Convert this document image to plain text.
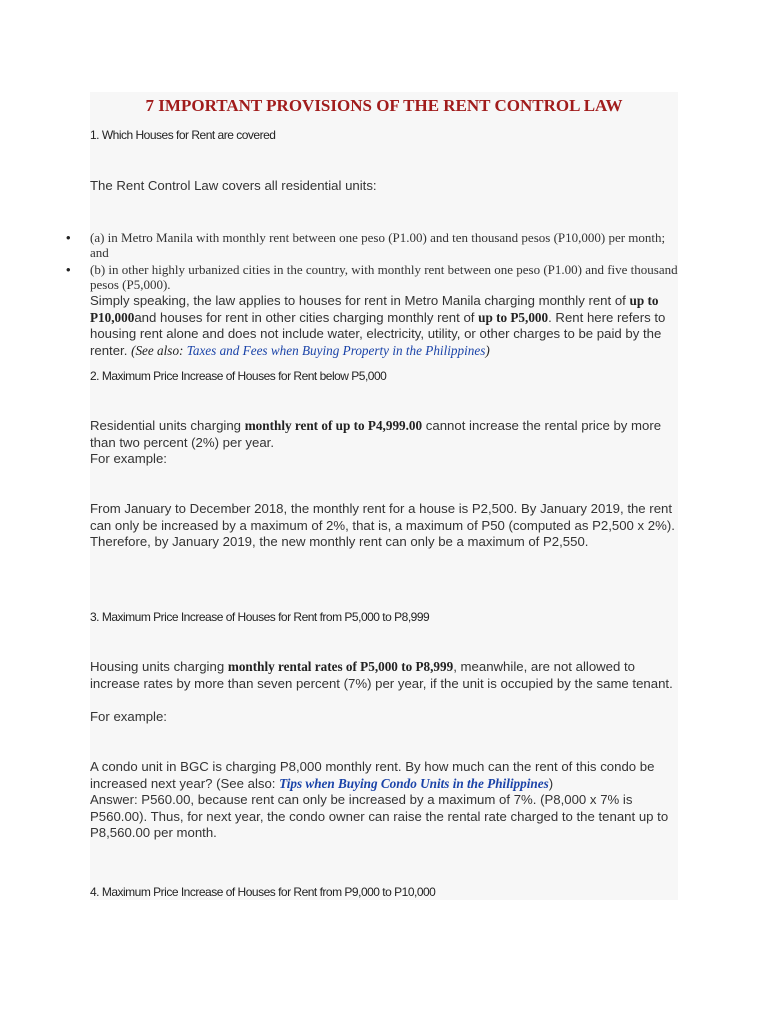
7 IMPORTANT PROVISIONS OF THE RENT CONTROL LAW
1. Which Houses for Rent are covered
The Rent Control Law covers all residential units:
• (a) in Metro Manila with monthly rent between one peso (P1.00) and ten thousand pesos (P10,000) per month; and
• (b) in other highly urbanized cities in the country, with monthly rent between one peso (P1.00) and five thousand pesos (P5,000).
Simply speaking, the law applies to houses for rent in Metro Manila charging monthly rent of up to P10,000and houses for rent in other cities charging monthly rent of up to P5,000. Rent here refers to housing rent alone and does not include water, electricity, utility, or other charges to be paid by the renter. (See also: Taxes and Fees when Buying Property in the Philippines)
2. Maximum Price Increase of Houses for Rent below P5,000
Residential units charging monthly rent of up to P4,999.00 cannot increase the rental price by more than two percent (2%) per year.
For example:
From January to December 2018, the monthly rent for a house is P2,500. By January 2019, the rent can only be increased by a maximum of 2%, that is, a maximum of P50 (computed as P2,500 x 2%). Therefore, by January 2019, the new monthly rent can only be a maximum of P2,550.
3. Maximum Price Increase of Houses for Rent from P5,000 to P8,999
Housing units charging monthly rental rates of P5,000 to P8,999, meanwhile, are not allowed to increase rates by more than seven percent (7%) per year, if the unit is occupied by the same tenant.
For example:
A condo unit in BGC is charging P8,000 monthly rent. By how much can the rent of this condo be increased next year? (See also: Tips when Buying Condo Units in the Philippines)
Answer: P560.00, because rent can only be increased by a maximum of 7%. (P8,000 x 7% is P560.00). Thus, for next year, the condo owner can raise the rental rate charged to the tenant up to P8,560.00 per month.
4. Maximum Price Increase of Houses for Rent from P9,000 to P10,000
